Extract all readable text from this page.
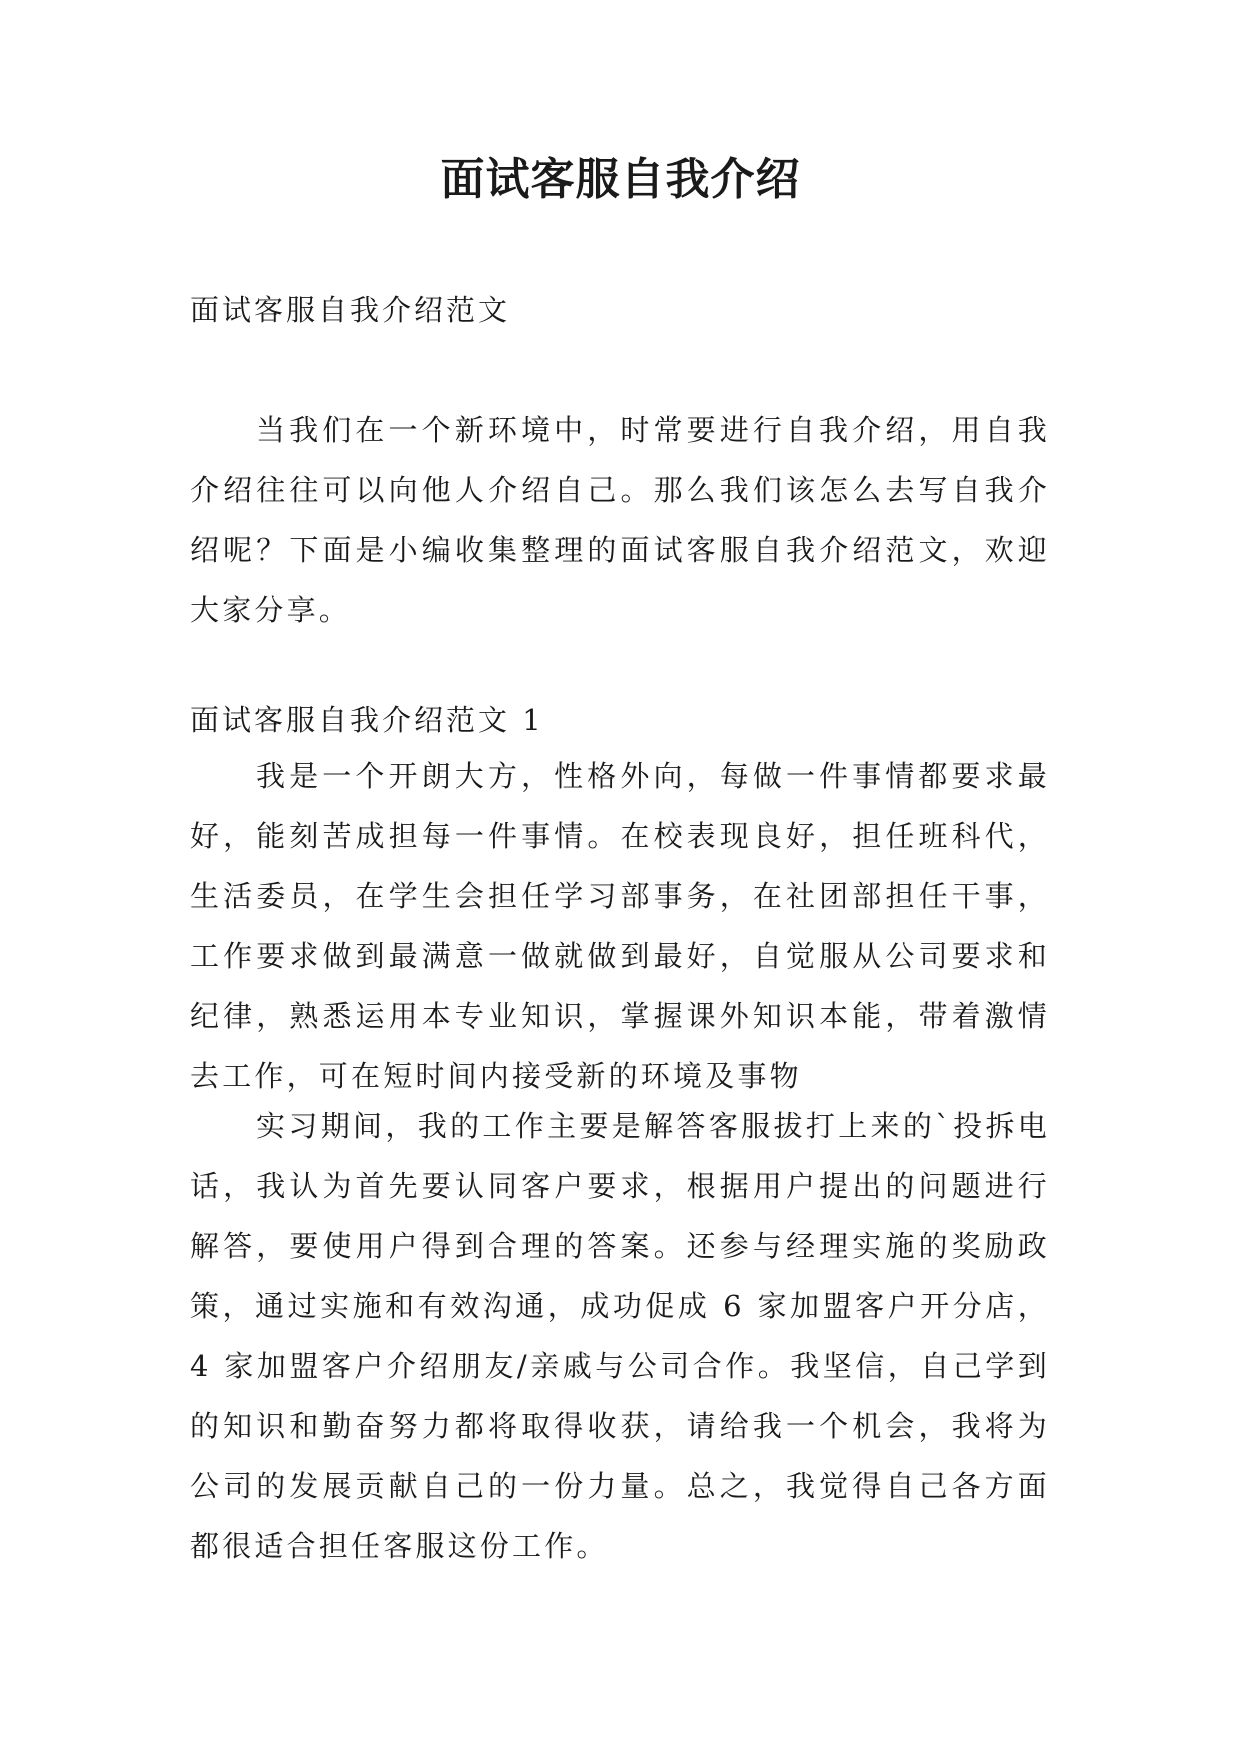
面试客服自我介绍

面试客服自我介绍范文

当我们在一个新环境中，时常要进行自我介绍，用自我介绍往往可以向他人介绍自己。那么我们该怎么去写自我介绍呢？下面是小编收集整理的面试客服自我介绍范文，欢迎大家分享。

面试客服自我介绍范文 1

我是一个开朗大方，性格外向，每做一件事情都要求最好，能刻苦成担每一件事情。在校表现良好，担任班科代，生活委员，在学生会担任学习部事务，在社团部担任干事，工作要求做到最满意一做就做到最好，自觉服从公司要求和纪律，熟悉运用本专业知识，掌握课外知识本能，带着激情去工作，可在短时间内接受新的环境及事物

实习期间，我的工作主要是解答客服拔打上来的`投拆电话，我认为首先要认同客户要求，根据用户提出的问题进行解答，要使用户得到合理的答案。还参与经理实施的奖励政策，通过实施和有效沟通，成功促成 6 家加盟客户开分店，4 家加盟客户介绍朋友/亲戚与公司合作。我坚信，自己学到的知识和勤奋努力都将取得收获，请给我一个机会，我将为公司的发展贡献自己的一份力量。总之，我觉得自己各方面都很适合担任客服这份工作。
